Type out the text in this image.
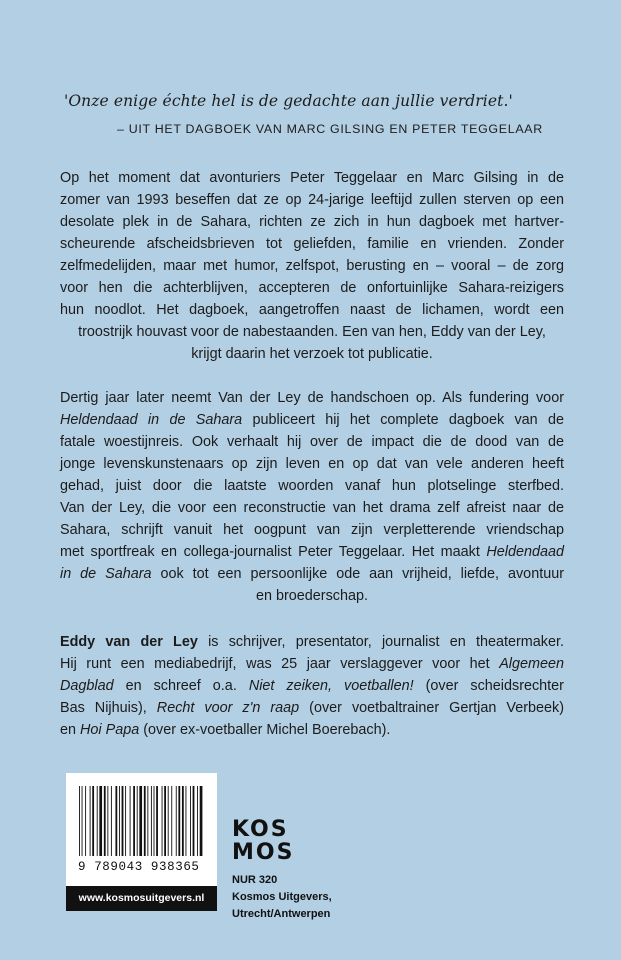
'Onze enige échte hel is de gedachte aan jullie verdriet.'
– UIT HET DAGBOEK VAN MARC GILSING EN PETER TEGGELAAR
Op het moment dat avonturiers Peter Teggelaar en Marc Gilsing in de
zomer van 1993 beseffen dat ze op 24-jarige leeftijd zullen sterven op een
desolate plek in de Sahara, richten ze zich in hun dagboek met hartver-
scheurende afscheidsbrieven tot geliefden, familie en vrienden. Zonder
zelfmedelijden, maar met humor, zelfspot, berusting en – vooral – de zorg
voor hen die achterblijven, accepteren de onfortuinlijke Sahara-reizigers
hun noodlot. Het dagboek, aangetroffen naast de lichamen, wordt een
troostrijk houvast voor de nabestaanden. Een van hen, Eddy van der Ley,
krijgt daarin het verzoek tot publicatie.
Dertig jaar later neemt Van der Ley de handschoen op. Als fundering voor
Heldendaad in de Sahara publiceert hij het complete dagboek van de
fatale woestijnreis. Ook verhaalt hij over de impact die de dood van de
jonge levenskunstenaars op zijn leven en op dat van vele anderen heeft
gehad, juist door die laatste woorden vanaf hun plotselinge sterfbed.
Van der Ley, die voor een reconstructie van het drama zelf afreist naar de
Sahara, schrijft vanuit het oogpunt van zijn verpletterende vriendschap
met sportfreak en collega-journalist Peter Teggelaar. Het maakt Heldendaad
in de Sahara ook tot een persoonlijke ode aan vrijheid, liefde, avontuur
en broederschap.
Eddy van der Ley is schrijver, presentator, journalist en theatermaker.
Hij runt een mediabedrijf, was 25 jaar verslaggever voor het Algemeen
Dagblad en schreef o.a. Niet zeiken, voetballen! (over scheidsrechter
Bas Nijhuis), Recht voor z'n raap (over voetbaltrainer Gertjan Verbeek)
en Hoi Papa (over ex-voetballer Michel Boerebach).
9 789043 938365
www.kosmosuitgevers.nl
KOS
MOS
NUR 320
Kosmos Uitgevers,
Utrecht/Antwerpen
